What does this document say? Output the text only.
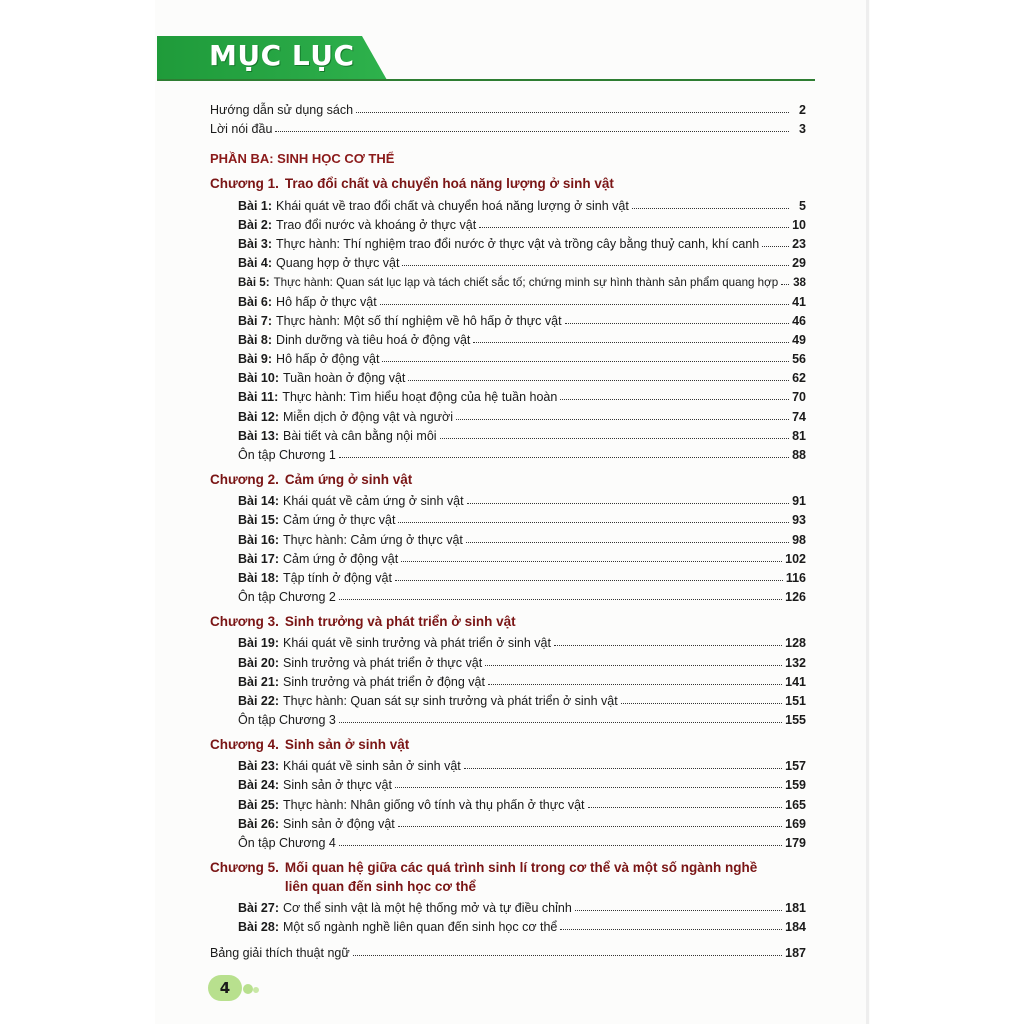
MỤC LỤC
Hướng dẫn sử dụng sách	2
Lời nói đầu	3
PHẦN BA: SINH HỌC CƠ THỂ
Chương 1. Trao đổi chất và chuyển hoá năng lượng ở sinh vật
Bài 1: Khái quát về trao đổi chất và chuyển hoá năng lượng ở sinh vật	5
Bài 2: Trao đổi nước và khoáng ở thực vật	10
Bài 3: Thực hành: Thí nghiệm trao đổi nước ở thực vật và trồng cây bằng thuỷ canh, khí canh	23
Bài 4: Quang hợp ở thực vật	29
Bài 5: Thực hành: Quan sát lục lạp và tách chiết sắc tố; chứng minh sự hình thành sản phẩm quang hợp 38
Bài 6: Hô hấp ở thực vật	41
Bài 7: Thực hành: Một số thí nghiệm về hô hấp ở thực vật	46
Bài 8: Dinh dưỡng và tiêu hoá ở động vật	49
Bài 9: Hô hấp ở động vật	56
Bài 10: Tuần hoàn ở động vật	62
Bài 11: Thực hành: Tìm hiểu hoạt động của hệ tuần hoàn	70
Bài 12: Miễn dịch ở động vật và người	74
Bài 13: Bài tiết và cân bằng nội môi	81
Ôn tập Chương 1	88
Chương 2. Cảm ứng ở sinh vật
Bài 14: Khái quát về cảm ứng ở sinh vật	91
Bài 15: Cảm ứng ở thực vật	93
Bài 16: Thực hành: Cảm ứng ở thực vật	98
Bài 17: Cảm ứng ở động vật	102
Bài 18: Tập tính ở động vật	116
Ôn tập Chương 2	126
Chương 3. Sinh trưởng và phát triển ở sinh vật
Bài 19: Khái quát về sinh trưởng và phát triển ở sinh vật	128
Bài 20: Sinh trưởng và phát triển ở thực vật	132
Bài 21: Sinh trưởng và phát triển ở động vật	141
Bài 22: Thực hành: Quan sát sự sinh trưởng và phát triển ở sinh vật	151
Ôn tập Chương 3	155
Chương 4. Sinh sản ở sinh vật
Bài 23: Khái quát về sinh sản ở sinh vật	157
Bài 24: Sinh sản ở thực vật	159
Bài 25: Thực hành: Nhân giống vô tính và thụ phấn ở thực vật	165
Bài 26: Sinh sản ở động vật	169
Ôn tập Chương 4	179
Chương 5. Mối quan hệ giữa các quá trình sinh lí trong cơ thể và một số ngành nghề liên quan đến sinh học cơ thể
Bài 27: Cơ thể sinh vật là một hệ thống mở và tự điều chỉnh	181
Bài 28: Một số ngành nghề liên quan đến sinh học cơ thể	184
Bảng giải thích thuật ngữ	187
4
